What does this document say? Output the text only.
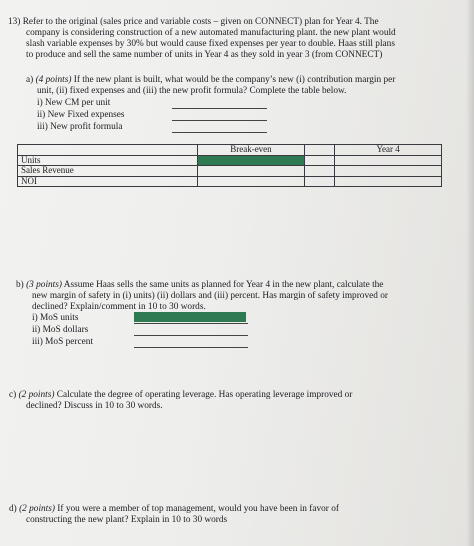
13) Refer to the original (sales price and variable costs – given on CONNECT) plan for Year 4. The
company is considering construction of a new automated manufacturing plant. the new plant would
slash variable expenses by 30% but would cause fixed expenses per year to double. Haas still plans
to produce and sell the same number of units in Year 4 as they sold in year 3 (from CONNECT)
a) (4 points) If the new plant is built, what would be the company’s new (i) contribution margin per
unit, (ii) fixed expenses and (iii) the new profit formula? Complete the table below.
i) New CM per unit
ii) New Fixed expenses
iii) New profit formula
	Break-even		Year 4
Units			
Sales Revenue			
NOI			
b) (3 points) Assume Haas sells the same units as planned for Year 4 in the new plant, calculate the
new margin of safety in (i) units) (ii) dollars and (iii) percent. Has margin of safety improved or
declined? Explain/comment in 10 to 30 words.
i) MoS units
ii) MoS dollars
iii) MoS percent
c) (2 points) Calculate the degree of operating leverage. Has operating leverage improved or
declined? Discuss in 10 to 30 words.
d) (2 points) If you were a member of top management, would you have been in favor of
constructing the new plant? Explain in 10 to 30 words
